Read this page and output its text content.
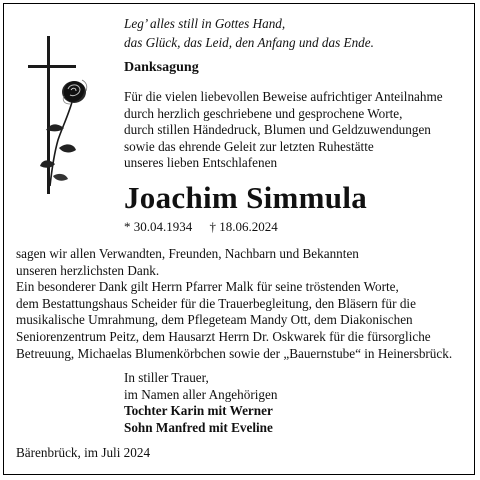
Leg’ alles still in Gottes Hand,
das Glück, das Leid, den Anfang und das Ende.
Danksagung
Für die vielen liebevollen Beweise aufrichtiger Anteilnahme
durch herzlich geschriebene und gesprochene Worte,
durch stillen Händedruck, Blumen und Geldzuwendungen
sowie das ehrende Geleit zur letzten Ruhestätte
unseres lieben Entschlafenen
Joachim Simmula
* 30.04.1934 † 18.06.2024
sagen wir allen Verwandten, Freunden, Nachbarn und Bekannten
unseren herzlichsten Dank.
Ein besonderer Dank gilt Herrn Pfarrer Malk für seine tröstenden Worte,
dem Bestattungshaus Scheider für die Trauerbegleitung, den Bläsern für die
musikalische Umrahmung, dem Pflegeteam Mandy Ott, dem Diakonischen
Seniorenzentrum Peitz, dem Hausarzt Herrn Dr. Oskwarek für die fürsorgliche
Betreuung, Michaelas Blumenkörbchen sowie der „Bauernstube“ in Heinersbrück.
In stiller Trauer,
im Namen aller Angehörigen
Tochter Karin mit Werner
Sohn Manfred mit Eveline
Bärenbrück, im Juli 2024
